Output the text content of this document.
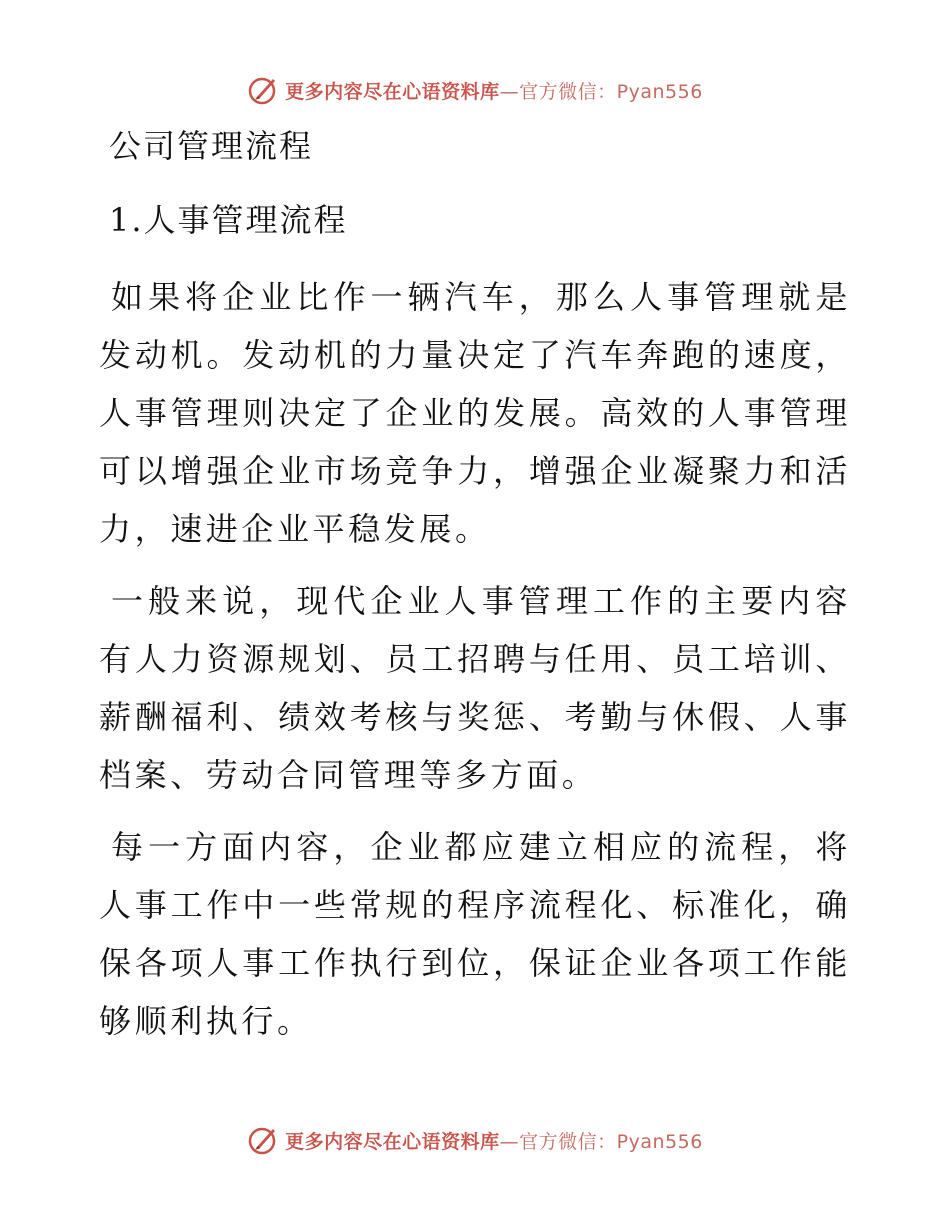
更多内容尽在心语资料库—官方微信：Pyan556
公司管理流程
1.人事管理流程

如果将企业比作一辆汽车，那么人事管理就是发动机。发动机的力量决定了汽车奔跑的速度，人事管理则决定了企业的发展。高效的人事管理可以增强企业市场竞争力，增强企业凝聚力和活力，速进企业平稳发展。

一般来说，现代企业人事管理工作的主要内容有人力资源规划、员工招聘与任用、员工培训、薪酬福利、绩效考核与奖惩、考勤与休假、人事档案、劳动合同管理等多方面。

每一方面内容，企业都应建立相应的流程，将人事工作中一些常规的程序流程化、标准化，确保各项人事工作执行到位，保证企业各项工作能够顺利执行。

更多内容尽在心语资料库—官方微信：Pyan556
